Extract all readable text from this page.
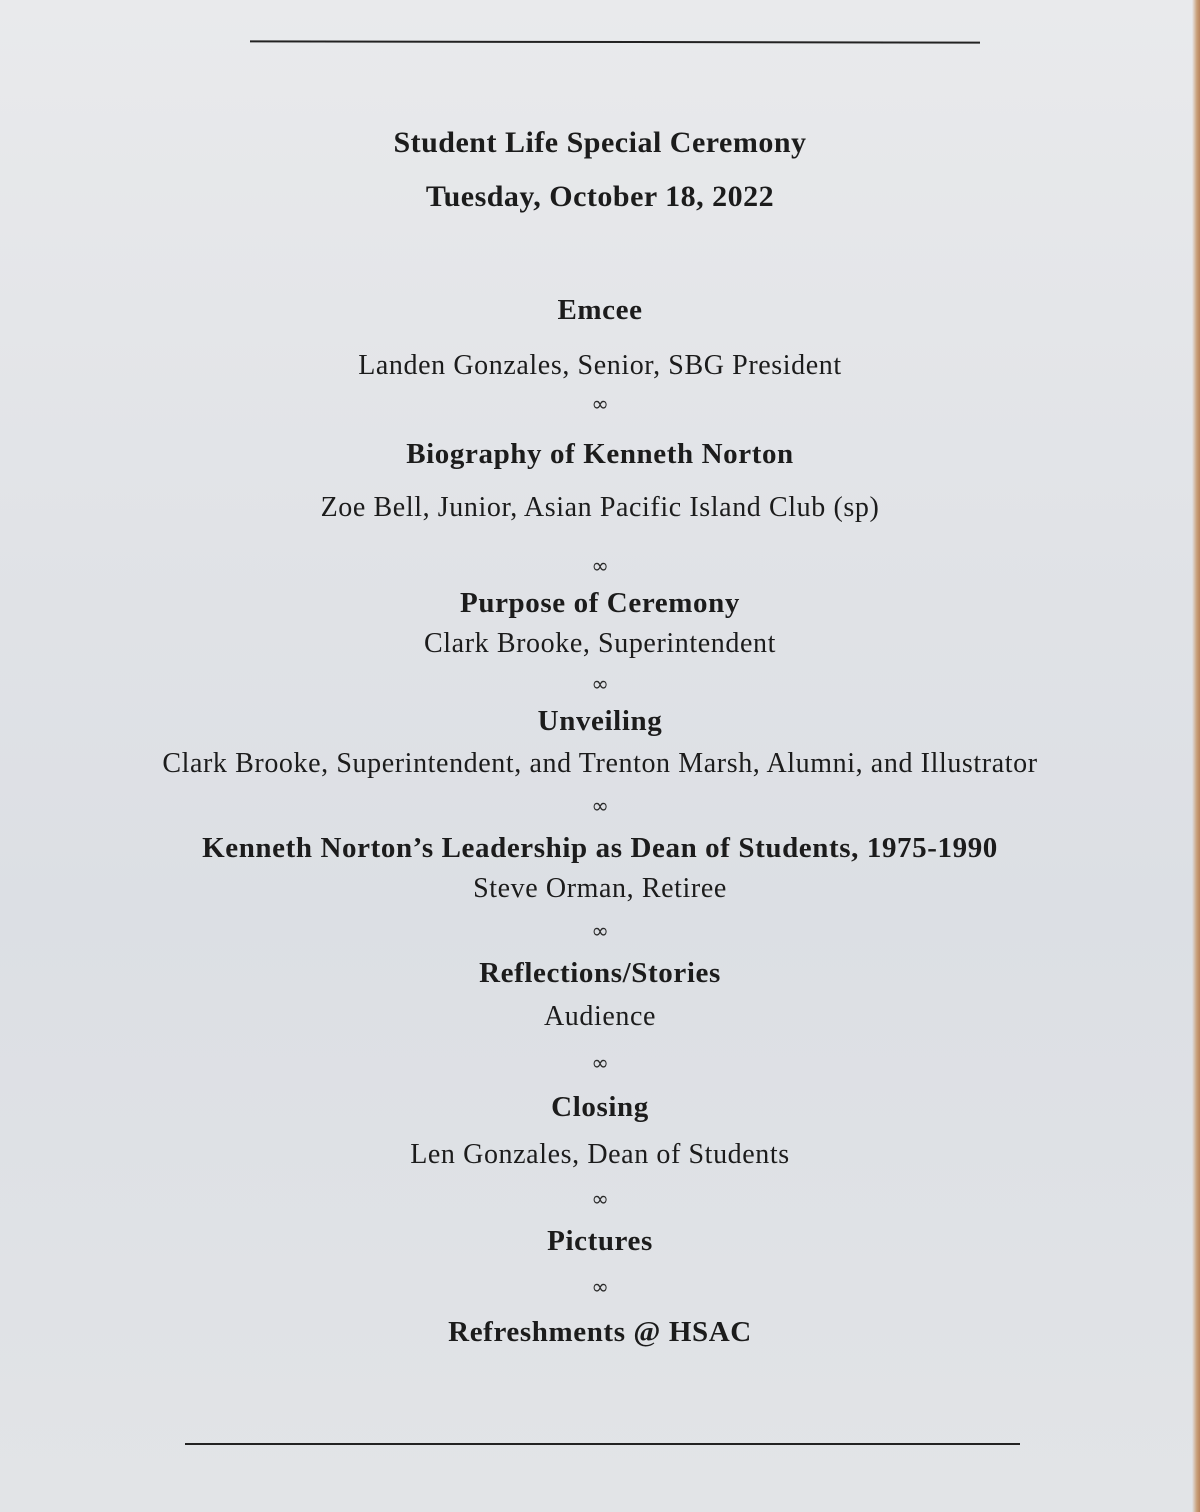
Student Life Special Ceremony
Tuesday, October 18, 2022
Emcee
Landen Gonzales, Senior, SBG President
∞
Biography of Kenneth Norton
Zoe Bell, Junior, Asian Pacific Island Club (sp)
∞
Purpose of Ceremony
Clark Brooke, Superintendent
∞
Unveiling
Clark Brooke, Superintendent, and Trenton Marsh, Alumni, and Illustrator
∞
Kenneth Norton’s Leadership as Dean of Students, 1975-1990
Steve Orman, Retiree
∞
Reflections/Stories
Audience
∞
Closing
Len Gonzales, Dean of Students
∞
Pictures
∞
Refreshments @ HSAC
